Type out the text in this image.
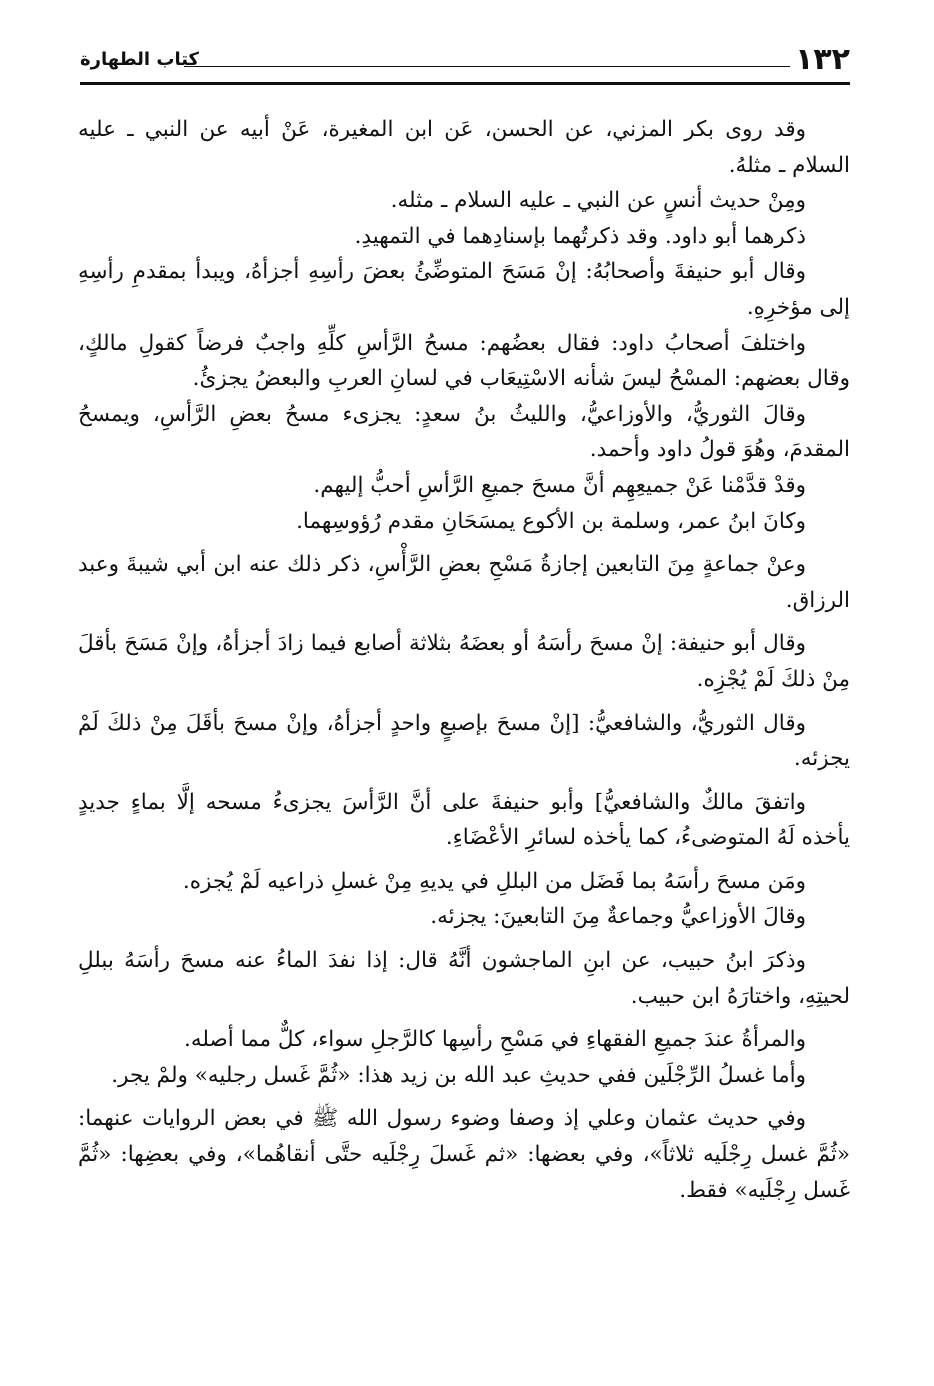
١٣٢
كتاب الطهارة

وقد روى بكر المزني، عن الحسن، عَن ابن المغيرة، عَنْ أبيه عن النبي ـ عليه السلام ـ مثلهُ.

ومِنْ حديث أنسٍ عن النبي ـ عليه السلام ـ مثله.

ذكرهما أبو داود. وقد ذكرتُهما بإسنادِهما في التمهيدِ.

وقال أبو حنيفةَ وأصحابُهُ: إنْ مَسَحَ المتوضِّئُ بعضَ رأسِهِ أجزأهُ، ويبدأ بمقدمِ رأسِهِ إلى مؤخرِهِ.

واختلفَ أصحابُ داود: فقال بعضُهم: مسحُ الرَّأسِ كلِّهِ واجبٌ فرضاً كقولِ مالكٍ، وقال بعضهم: المسْحُ ليسَ شأنه الاسْتِيعَاب في لسانِ العربِ والبعضُ يجزئُ.

وقالَ الثوريُّ، والأوزاعيُّ، والليثُ بنُ سعدٍ: يجزىء مسحُ بعضِ الرَّأسِ، ويمسحُ المقدمَ، وهُوَ قولُ داود وأحمد.

وقدْ قدَّمْنا عَنْ جميعِهِم أنَّ مسحَ جميعِ الرَّأسِ أحبُّ إليهم.

وكانَ ابنُ عمر، وسلمة بن الأكوع يمسَحَانِ مقدم رُؤوسِهما.

وعنْ جماعةٍ مِنَ التابعين إجازةُ مَسْحِ بعضِ الرَّأْسِ، ذكر ذلك عنه ابن أبي شيبةَ وعبد الرزاق.

وقال أبو حنيفة: إنْ مسحَ رأسَهُ أو بعضَهُ بثلاثة أصابع فيما زادَ أجزأهُ، وإنْ مَسَحَ بأقلَ مِنْ ذلكَ لَمْ يُجْزِه.

وقال الثوريُّ، والشافعيُّ: [إنْ مسحَ بإصبعٍ واحدٍ أجزأهُ، وإنْ مسحَ بأقَلَ مِنْ ذلكَ لَمْ يجزئه.

واتفقَ مالكٌ والشافعيُّ] وأبو حنيفةَ على أنَّ الرَّأسَ يجزىءُ مسحه إلَّا بماءٍ جديدٍ يأخذه لَهُ المتوضىءُ، كما يأخذه لسائرِ الأعْضَاءِ.

ومَن مسحَ رأسَهُ بما فَضَل من البللِ في يديهِ مِنْ غسلِ ذراعيه لَمْ يُجزه.

وقالَ الأوزاعيُّ وجماعةٌ مِنَ التابعينَ: يجزئه.

وذكرَ ابنُ حبيب، عن ابنِ الماجشون أنَّهُ قال: إذا نفدَ الماءُ عنه مسحَ رأسَهُ ببللِ لحيتِهِ، واختارَهُ ابن حبيب.

والمرأةُ عندَ جميعِ الفقهاءِ في مَسْحِ رأسِها كالرَّجلِ سواء، كلٌّ مما أصله.

وأما غسلُ الرِّجْلَين ففي حديثِ عبد الله بن زيد هذا: «ثُمَّ غَسل رجليه» ولمْ يجر.

وفي حديث عثمان وعلي إذ وصفا وضوء رسول الله ﷺ في بعض الروايات عنهما: «ثُمَّ غسل رِجْلَيه ثلاثاً»، وفي بعضها: «ثم غَسلَ رِجْلَيه حتَّى أنقاهُما»، وفي بعضِها: «ثُمَّ غَسل رِجْلَيه» فقط.
